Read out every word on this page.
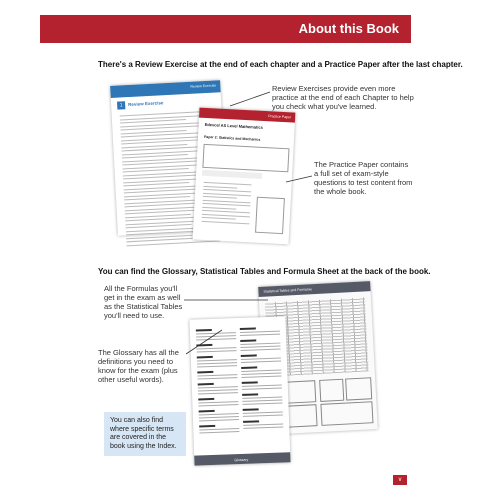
About this Book
There's a Review Exercise at the end of each chapter and a Practice Paper after the last chapter.
Review Exercise
1	Review Exercise
Practice Paper
Edexcel AS Level Mathematics
Paper 2: Statistics and Mechanics
Review Exercises provide even more practice at the end of each Chapter to help you check what you've learned.
The Practice Paper contains a full set of exam-style questions to test content from the whole book.
You can find the Glossary, Statistical Tables and Formula Sheet at the back of the book.
Statistical Tables and Formulae
Glossary
All the Formulas you'll get in the exam as well as the Statistical Tables you'll need to use.
The Glossary has all the definitions you need to know for the exam (plus other useful words).
You can also find where specific terms are covered in the book using the Index.
v
